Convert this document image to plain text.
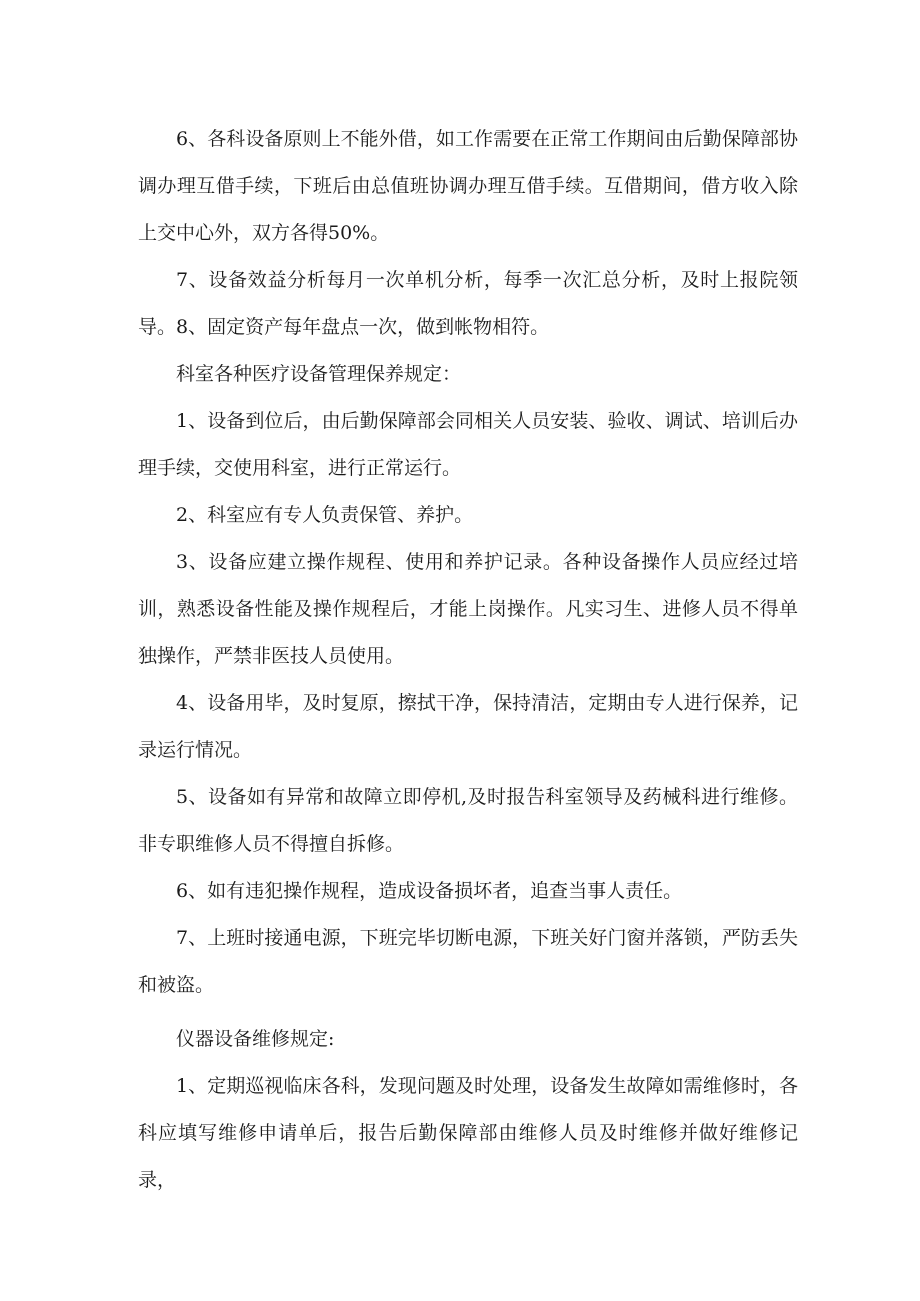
6、各科设备原则上不能外借，如工作需要在正常工作期间由后勤保障部协调办理互借手续，下班后由总值班协调办理互借手续。互借期间，借方收入除上交中心外，双方各得50%。

7、设备效益分析每月一次单机分析，每季一次汇总分析，及时上报院领导。 8、固定资产每年盘点一次，做到帐物相符。

科室各种医疗设备管理保养规定：

1、设备到位后，由后勤保障部会同相关人员安装、验收、调试、培训后办理手续，交使用科室，进行正常运行。

2、科室应有专人负责保管、养护。

3、设备应建立操作规程、使用和养护记录。各种设备操作人员应经过培训，熟悉设备性能及操作规程后，才能上岗操作。凡实习生、进修人员不得单独操作，严禁非医技人员使用。

4、设备用毕，及时复原，擦拭干净，保持清洁，定期由专人进行保养，记录运行情况。

5、设备如有异常和故障立即停机,及时报告科室领导及药械科进行维修。非专职维修人员不得擅自拆修。

6、如有违犯操作规程，造成设备损坏者，追查当事人责任。

7、上班时接通电源，下班完毕切断电源，下班关好门窗并落锁，严防丢失和被盗。

仪器设备维修规定:

1、定期巡视临床各科，发现问题及时处理，设备发生故障如需维修时，各科应填写维修申请单后，报告后勤保障部由维修人员及时维修并做好维修记录，
